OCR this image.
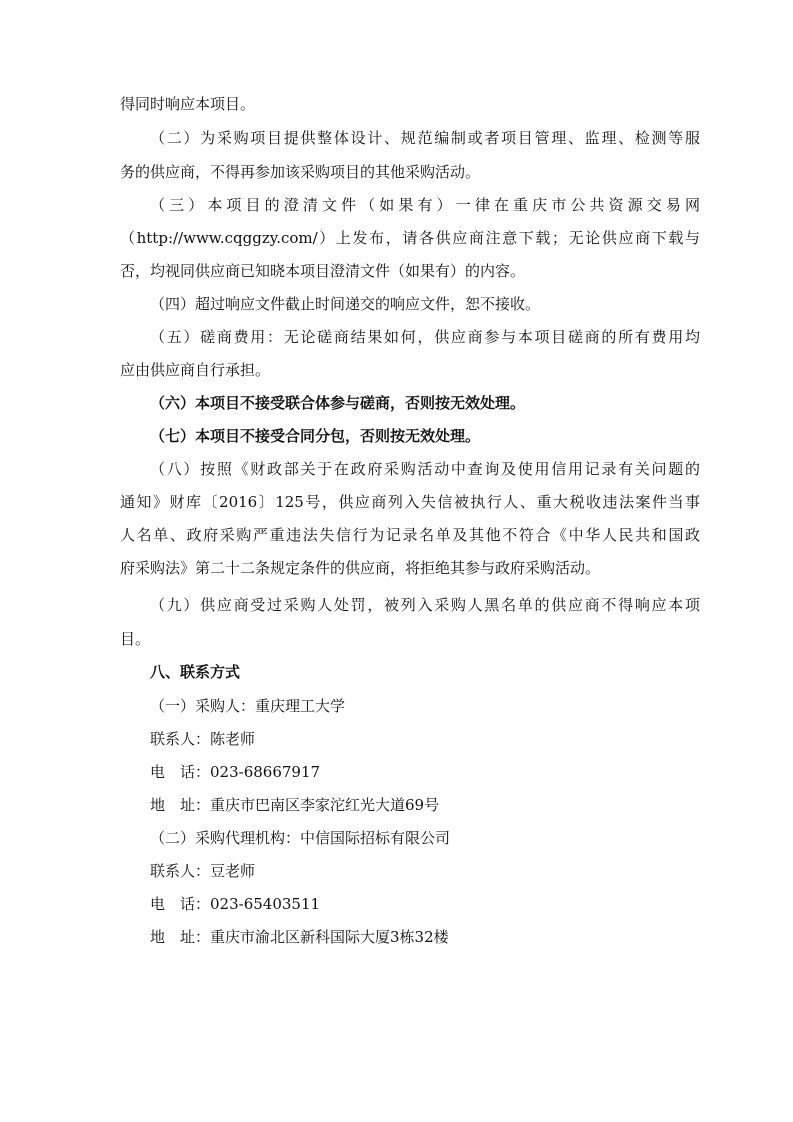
得同时响应本项目。
（二）为采购项目提供整体设计、规范编制或者项目管理、监理、检测等服
务的供应商，不得再参加该采购项目的其他采购活动。
（三）本项目的澄清文件（如果有）一律在重庆市公共资源交易网
（http://www.cqggzy.com/）上发布，请各供应商注意下载；无论供应商下载与
否，均视同供应商已知晓本项目澄清文件（如果有）的内容。
（四）超过响应文件截止时间递交的响应文件，恕不接收。
（五）磋商费用：无论磋商结果如何，供应商参与本项目磋商的所有费用均
应由供应商自行承担。
（六）本项目不接受联合体参与磋商，否则按无效处理。
（七）本项目不接受合同分包，否则按无效处理。
（八）按照《财政部关于在政府采购活动中查询及使用信用记录有关问题的
通知》财库〔2016〕125号，供应商列入失信被执行人、重大税收违法案件当事
人名单、政府采购严重违法失信行为记录名单及其他不符合《中华人民共和国政
府采购法》第二十二条规定条件的供应商，将拒绝其参与政府采购活动。
（九）供应商受过采购人处罚，被列入采购人黑名单的供应商不得响应本项
目。
八、联系方式
（一）采购人：重庆理工大学
联系人：陈老师
电　话：023-68667917
地　址：重庆市巴南区李家沱红光大道69号
（二）采购代理机构：中信国际招标有限公司
联系人：豆老师
电　话：023-65403511
地　址：重庆市渝北区新科国际大厦3栋32楼
